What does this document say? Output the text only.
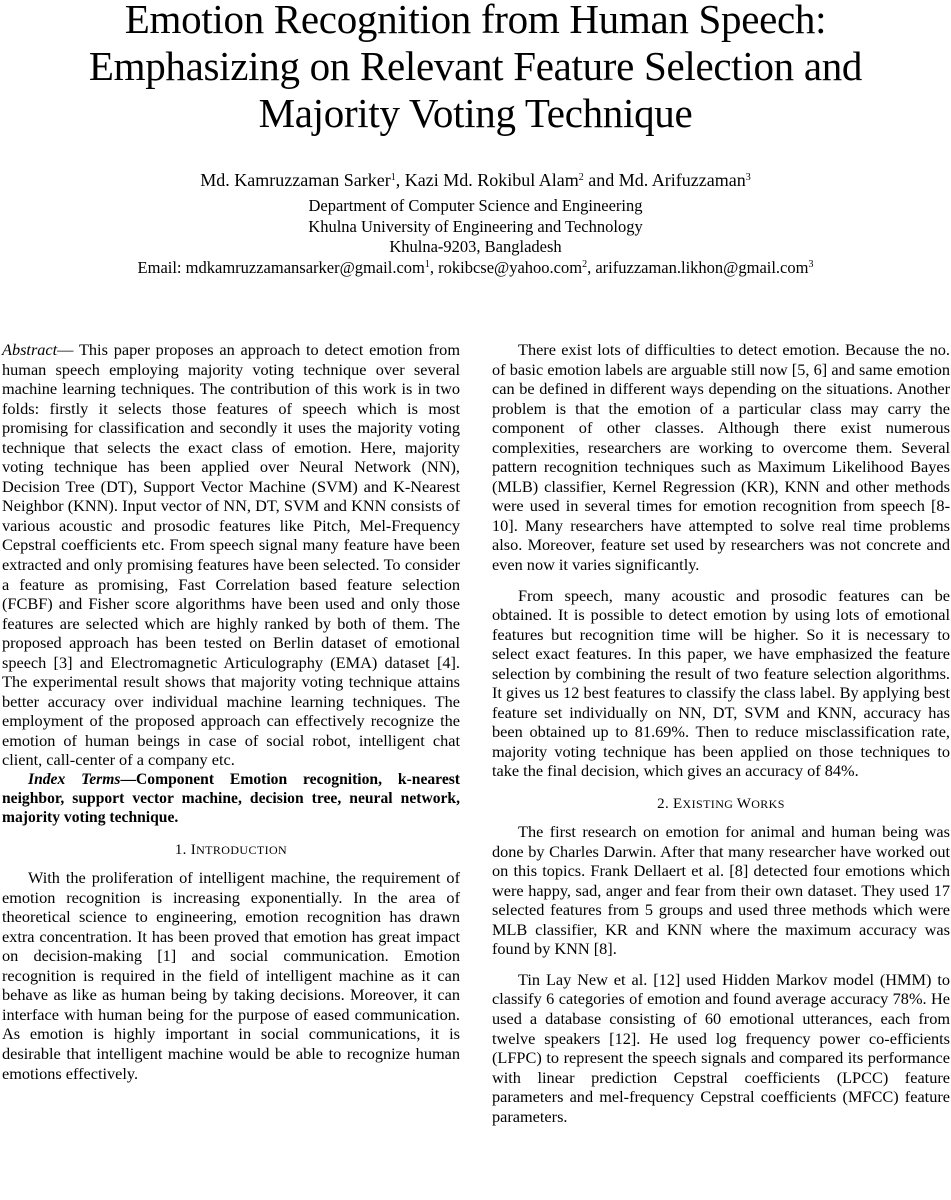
Emotion Recognition from Human Speech:
Emphasizing on Relevant Feature Selection and
Majority Voting Technique
Md. Kamruzzaman Sarker$^1$, Kazi Md. Rokibul Alam$^2$ and Md. Arifuzzaman$^3$
Department of Computer Science and Engineering
Khulna University of Engineering and Technology
Khulna-9203, Bangladesh
Email: mdkamruzzamansarker@gmail.com$^1$, rokibcse@yahoo.com$^2$, arifuzzaman.likhon@gmail.com$^3$

Abstract— This paper proposes an approach to detect emotion from human speech employing majority voting technique over several machine learning techniques. The contribution of this work is in two folds: firstly it selects those features of speech which is most promising for classification and secondly it uses the majority voting technique that selects the exact class of emotion. Here, majority voting technique has been applied over Neural Network (NN), Decision Tree (DT), Support Vector Machine (SVM) and K-Nearest Neighbor (KNN). Input vector of NN, DT, SVM and KNN consists of various acoustic and prosodic features like Pitch, Mel-Frequency Cepstral coefficients etc. From speech signal many feature have been extracted and only promising features have been selected. To consider a feature as promising, Fast Correlation based feature selection (FCBF) and Fisher score algorithms have been used and only those features are selected which are highly ranked by both of them. The proposed approach has been tested on Berlin dataset of emotional speech [3] and Electromagnetic Articulography (EMA) dataset [4]. The experimental result shows that majority voting technique attains better accuracy over individual machine learning techniques. The employment of the proposed approach can effectively recognize the emotion of human beings in case of social robot, intelligent chat client, call-center of a company etc.

Index Terms—Component Emotion recognition, k-nearest neighbor, support vector machine, decision tree, neural network, majority voting technique.

1. INTRODUCTION

With the proliferation of intelligent machine, the requirement of emotion recognition is increasing exponentially. In the area of theoretical science to engineering, emotion recognition has drawn extra concentration. It has been proved that emotion has great impact on decision-making [1] and social communication. Emotion recognition is required in the field of intelligent machine as it can behave as like as human being by taking decisions. Moreover, it can interface with human being for the purpose of eased communication. As emotion is highly important in social communications, it is desirable that intelligent machine would be able to recognize human emotions effectively.

There exist lots of difficulties to detect emotion. Because the no. of basic emotion labels are arguable still now [5, 6] and same emotion can be defined in different ways depending on the situations. Another problem is that the emotion of a particular class may carry the component of other classes. Although there exist numerous complexities, researchers are working to overcome them. Several pattern recognition techniques such as Maximum Likelihood Bayes (MLB) classifier, Kernel Regression (KR), KNN and other methods were used in several times for emotion recognition from speech [8-10]. Many researchers have attempted to solve real time problems also. Moreover, feature set used by researchers was not concrete and even now it varies significantly.

From speech, many acoustic and prosodic features can be obtained. It is possible to detect emotion by using lots of emotional features but recognition time will be higher. So it is necessary to select exact features. In this paper, we have emphasized the feature selection by combining the result of two feature selection algorithms. It gives us 12 best features to classify the class label. By applying best feature set individually on NN, DT, SVM and KNN, accuracy has been obtained up to 81.69%. Then to reduce misclassification rate, majority voting technique has been applied on those techniques to take the final decision, which gives an accuracy of 84%.

2. EXISTING WORKS

The first research on emotion for animal and human being was done by Charles Darwin. After that many researcher have worked out on this topics. Frank Dellaert et al. [8] detected four emotions which were happy, sad, anger and fear from their own dataset. They used 17 selected features from 5 groups and used three methods which were MLB classifier, KR and KNN where the maximum accuracy was found by KNN [8].

Tin Lay New et al. [12] used Hidden Markov model (HMM) to classify 6 categories of emotion and found average accuracy 78%. He used a database consisting of 60 emotional utterances, each from twelve speakers [12]. He used log frequency power co-efficients (LFPC) to represent the speech signals and compared its performance with linear prediction Cepstral coefficients (LPCC) feature parameters and mel-frequency Cepstral coefficients (MFCC) feature parameters.
